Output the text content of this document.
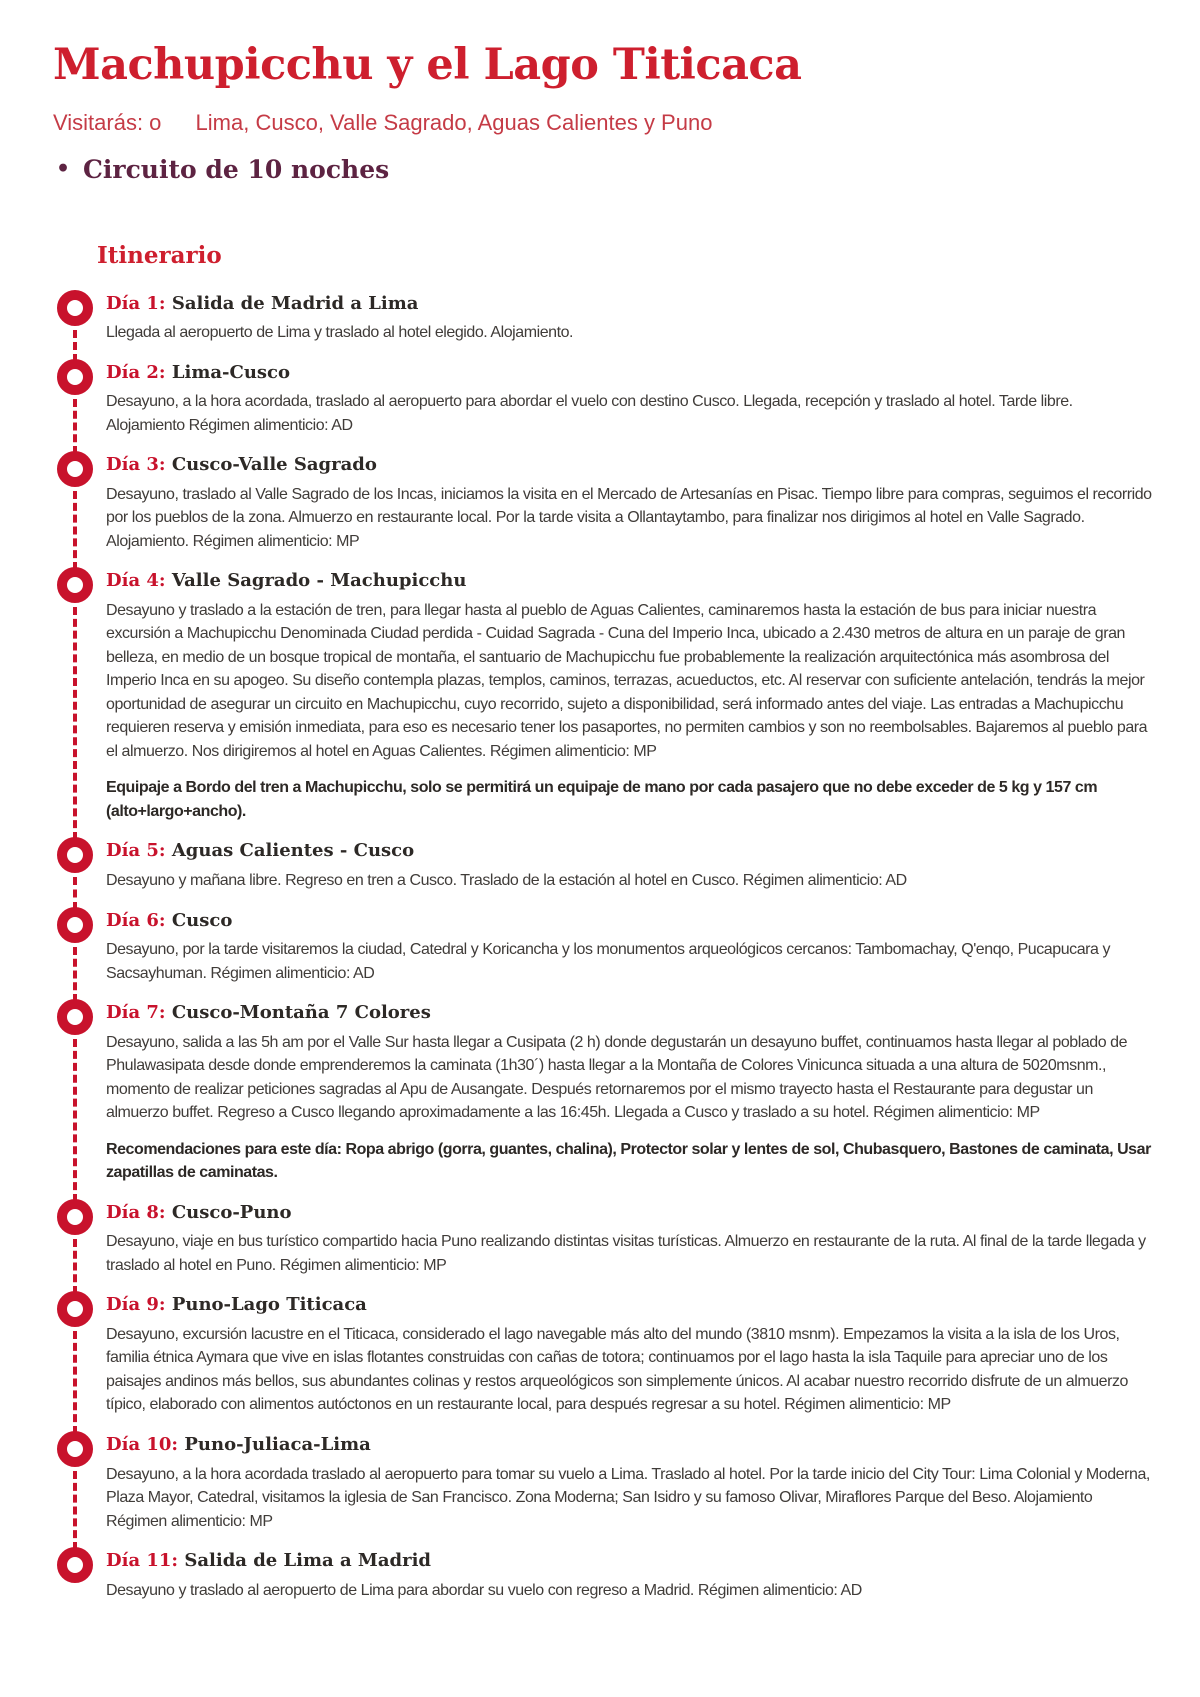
Machupicchu y el Lago Titicaca
Visitarás: o Lima, Cusco, Valle Sagrado, Aguas Calientes y Puno
• Circuito de 10 noches
Itinerario
Día 1: Salida de Madrid a Lima

Llegada al aeropuerto de Lima y traslado al hotel elegido. Alojamiento.

Día 2: Lima-Cusco

Desayuno, a la hora acordada, traslado al aeropuerto para abordar el vuelo con destino Cusco. Llegada, recepción y traslado al hotel. Tarde libre. Alojamiento Régimen alimenticio: AD

Día 3: Cusco-Valle Sagrado

Desayuno, traslado al Valle Sagrado de los Incas, iniciamos la visita en el Mercado de Artesanías en Pisac. Tiempo libre para compras, seguimos el recorrido por los pueblos de la zona. Almuerzo en restaurante local. Por la tarde visita a Ollantaytambo, para finalizar nos dirigimos al hotel en Valle Sagrado. Alojamiento. Régimen alimenticio: MP

Día 4: Valle Sagrado - Machupicchu

Desayuno y traslado a la estación de tren, para llegar hasta al pueblo de Aguas Calientes, caminaremos hasta la estación de bus para iniciar nuestra excursión a Machupicchu Denominada Ciudad perdida - Cuidad Sagrada - Cuna del Imperio Inca, ubicado a 2.430 metros de altura en un paraje de gran belleza, en medio de un bosque tropical de montaña, el santuario de Machupicchu fue probablemente la realización arquitectónica más asombrosa del Imperio Inca en su apogeo. Su diseño contempla plazas, templos, caminos, terrazas, acueductos, etc. Al reservar con suficiente antelación, tendrás la mejor oportunidad de asegurar un circuito en Machupicchu, cuyo recorrido, sujeto a disponibilidad, será informado antes del viaje. Las entradas a Machupicchu requieren reserva y emisión inmediata, para eso es necesario tener los pasaportes, no permiten cambios y son no reembolsables. Bajaremos al pueblo para el almuerzo. Nos dirigiremos al hotel en Aguas Calientes. Régimen alimenticio: MP

Equipaje a Bordo del tren a Machupicchu, solo se permitirá un equipaje de mano por cada pasajero que no debe exceder de 5 kg y 157 cm (alto+largo+ancho).

Día 5: Aguas Calientes - Cusco

Desayuno y mañana libre. Regreso en tren a Cusco. Traslado de la estación al hotel en Cusco. Régimen alimenticio: AD

Día 6: Cusco

Desayuno, por la tarde visitaremos la ciudad, Catedral y Koricancha y los monumentos arqueológicos cercanos: Tambomachay, Q'enqo, Pucapucara y Sacsayhuman. Régimen alimenticio: AD

Día 7: Cusco-Montaña 7 Colores

Desayuno, salida a las 5h am por el Valle Sur hasta llegar a Cusipata (2 h) donde degustarán un desayuno buffet, continuamos hasta llegar al poblado de Phulawasipata desde donde emprenderemos la caminata (1h30´) hasta llegar a la Montaña de Colores Vinicunca situada a una altura de 5020msnm., momento de realizar peticiones sagradas al Apu de Ausangate. Después retornaremos por el mismo trayecto hasta el Restaurante para degustar un almuerzo buffet. Regreso a Cusco llegando aproximadamente a las 16:45h. Llegada a Cusco y traslado a su hotel. Régimen alimenticio: MP

Recomendaciones para este día: Ropa abrigo (gorra, guantes, chalina), Protector solar y lentes de sol, Chubasquero, Bastones de caminata, Usar zapatillas de caminatas.

Día 8: Cusco-Puno

Desayuno, viaje en bus turístico compartido hacia Puno realizando distintas visitas turísticas. Almuerzo en restaurante de la ruta. Al final de la tarde llegada y traslado al hotel en Puno. Régimen alimenticio: MP

Día 9: Puno-Lago Titicaca

Desayuno, excursión lacustre en el Titicaca, considerado el lago navegable más alto del mundo (3810 msnm). Empezamos la visita a la isla de los Uros, familia étnica Aymara que vive en islas flotantes construidas con cañas de totora; continuamos por el lago hasta la isla Taquile para apreciar uno de los paisajes andinos más bellos, sus abundantes colinas y restos arqueológicos son simplemente únicos. Al acabar nuestro recorrido disfrute de un almuerzo típico, elaborado con alimentos autóctonos en un restaurante local, para después regresar a su hotel. Régimen alimenticio: MP

Día 10: Puno-Juliaca-Lima

Desayuno, a la hora acordada traslado al aeropuerto para tomar su vuelo a Lima. Traslado al hotel. Por la tarde inicio del City Tour: Lima Colonial y Moderna, Plaza Mayor, Catedral, visitamos la iglesia de San Francisco. Zona Moderna; San Isidro y su famoso Olivar, Miraflores Parque del Beso. Alojamiento Régimen alimenticio: MP

Día 11: Salida de Lima a Madrid

Desayuno y traslado al aeropuerto de Lima para abordar su vuelo con regreso a Madrid. Régimen alimenticio: AD
